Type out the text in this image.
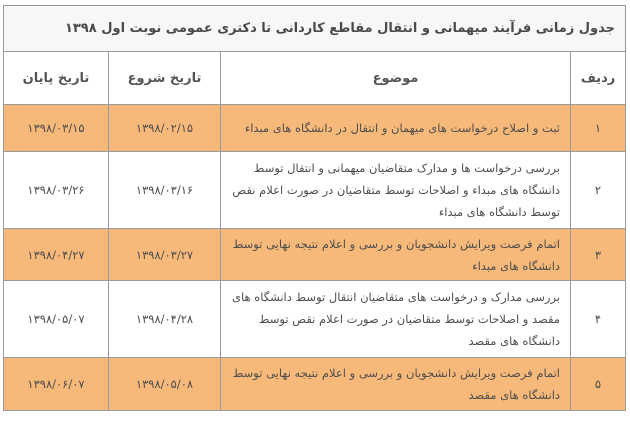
جدول زمانی فرآیند میهمانی و انتقال مقاطع کاردانی تا دکتری عمومی نوبت اول ۱۳۹۸			
ردیف	موضوع	تاریخ شروع	تاریخ پایان
۱	ثبت و اصلاح درخواست های میهمان و انتقال در دانشگاه های مبداء	۱۳۹۸/۰۲/۱۵	۱۳۹۸/۰۳/۱۵
۲	بررسی درخواست ها و مدارک متقاضیان میهمانی و انتقال توسط دانشگاه های مبداء و اصلاحات توسط متقاضیان در صورت اعلام نقص توسط دانشگاه های مبداء	۱۳۹۸/۰۳/۱۶	۱۳۹۸/۰۳/۲۶
۳	اتمام فرصت ویرایش دانشجویان و بررسی و اعلام نتیجه نهایی توسط دانشگاه های مبداء	۱۳۹۸/۰۳/۲۷	۱۳۹۸/۰۴/۲۷
۴	بررسی مدارک و درخواست های متقاضیان انتقال توسط دانشگاه های مقصد و اصلاحات توسط متقاضیان در صورت اعلام نقص توسط دانشگاه های مقصد	۱۳۹۸/۰۴/۲۸	۱۳۹۸/۰۵/۰۷
۵	اتمام فرصت ویرایش دانشجویان و بررسی و اعلام نتیجه نهایی توسط دانشگاه های مقصد	۱۳۹۸/۰۵/۰۸	۱۳۹۸/۰۶/۰۷
